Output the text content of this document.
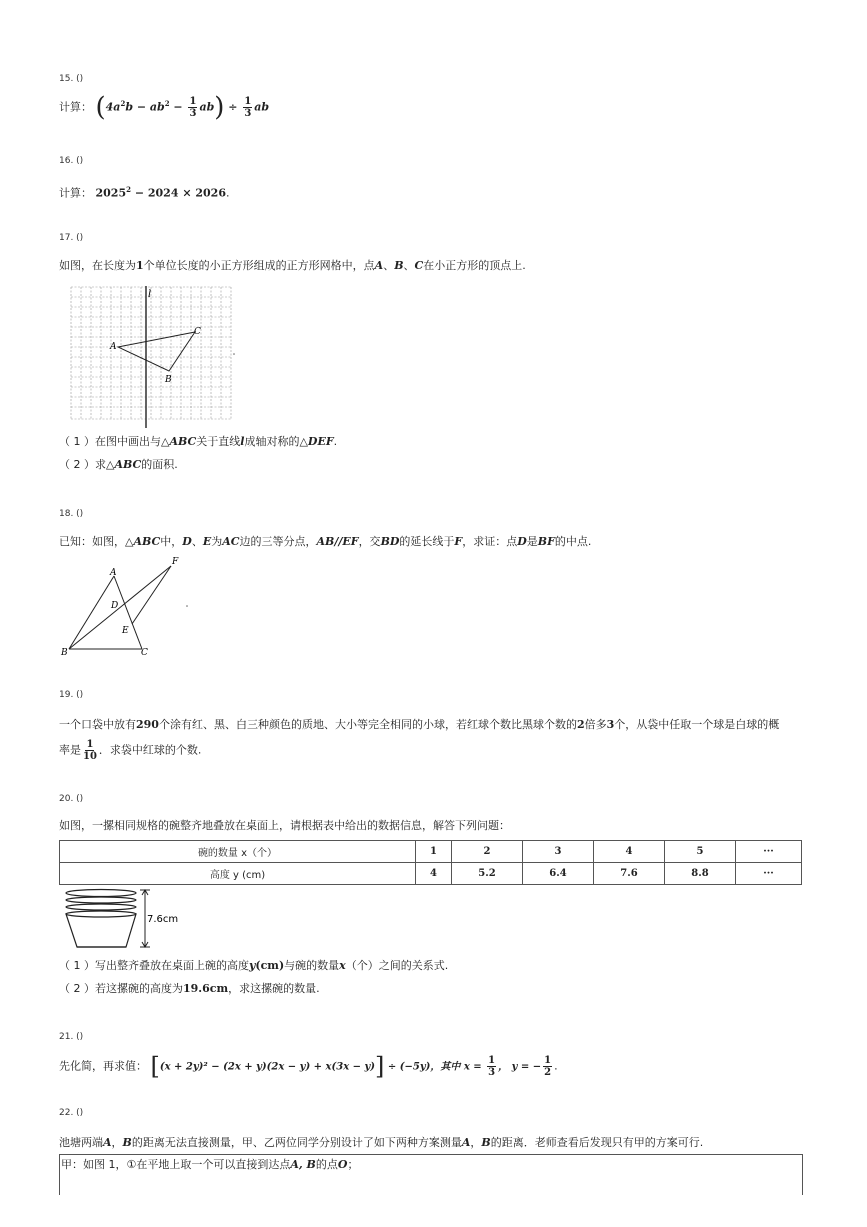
15. ()
计算： $(4a^2b - ab^2 - \frac{1}{3} ab) \div \frac{1}{3}$ ab
16. ()
计算： $2025^2 - 2024 \times 2026$.
17. ()
如图，在长度为1个单位长度的小正方形组成的正方形网格中，点A、B、C在小正方形的顶点上.
l
A
C
B
（ 1 ）在图中画出与△ABC关于直线l成轴对称的△DEF.
（ 2 ）求△ABC的面积.
18. ()
已知：如图，△ABC中，D、E为AC边的三等分点，AB//EF，交BD的延长线于F，求证：点D是BF的中点.
A
F
D
E
B	C
19. ()
一个口袋中放有290个涂有红、黑、白三种颜色的质地、大小等完全相同的小球，若红球个数比黑球个数的2倍多3个，从袋中任取一个球是白球的概
率是 $\frac{1}{10}$ ．求袋中红球的个数.
20. ()
如图，一摞相同规格的碗整齐地叠放在桌面上，请根据表中给出的数据信息，解答下列问题：
碗的数量 x（个）	1	2	3	4	5	···
高度 y (cm)	4	5.2	6.4	7.6	8.8	···
7.6cm
（ 1 ）写出整齐叠放在桌面上碗的高度y(cm)与碗的数量x（个）之间的关系式.
（ 2 ）若这摞碗的高度为19.6cm，求这摞碗的数量.
21. ()
先化简，再求值： [(x + 2y)² − (2x + y)(2x − y) + x(3x − y)] ÷ (−5y)，其中 $x = \frac{1}{3}$ ， y = − $\frac{1}{2}$ .
22. ()
池塘两端A，B的距离无法直接测量，甲、乙两位同学分别设计了如下两种方案测量A，B的距离．老师查看后发现只有甲的方案可行.
甲：如图 1，①在平地上取一个可以直接到达点A, B的点O；
